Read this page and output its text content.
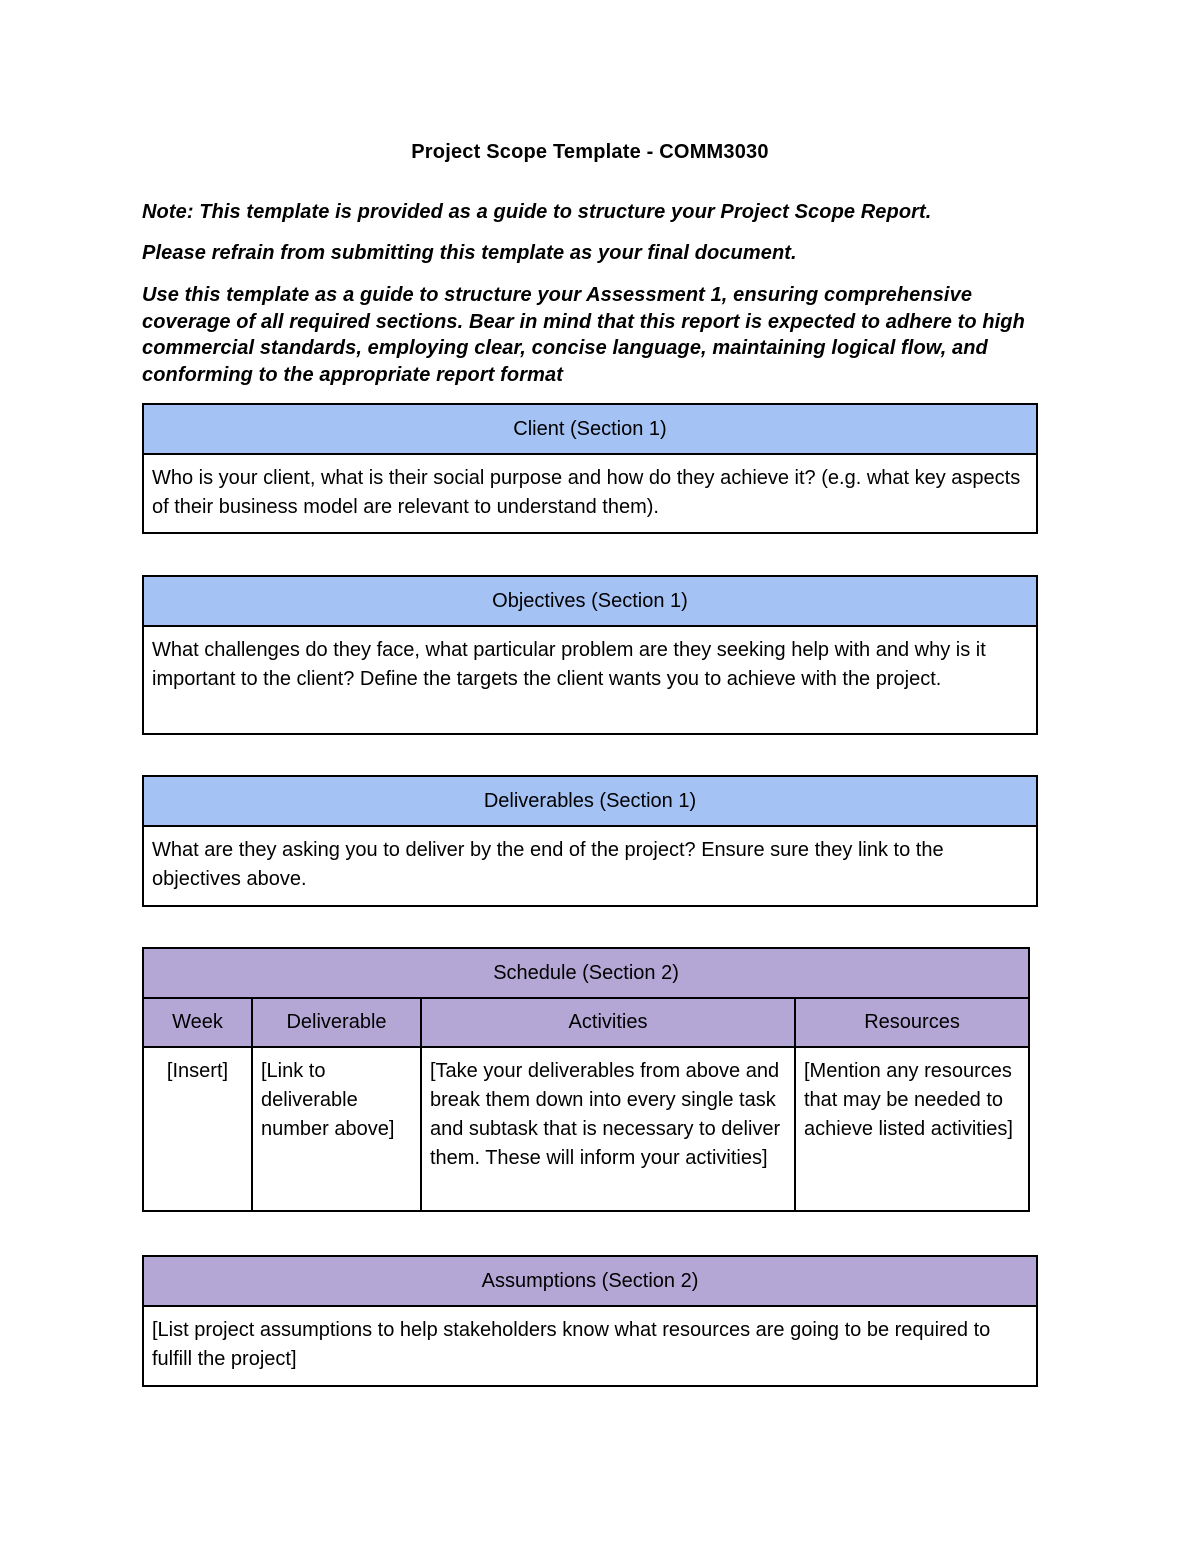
Project Scope Template - COMM3030
Note: This template is provided as a guide to structure your Project Scope Report.
Please refrain from submitting this template as your final document.
Use this template as a guide to structure your Assessment 1, ensuring comprehensive coverage of all required sections. Bear in mind that this report is expected to adhere to high commercial standards, employing clear, concise language, maintaining logical flow, and conforming to the appropriate report format
Client (Section 1)
Who is your client, what is their social purpose and how do they achieve it? (e.g. what key aspects of their business model are relevant to understand them).
Objectives (Section 1)
What challenges do they face, what particular problem are they seeking help with and why is it important to the client? Define the targets the client wants you to achieve with the project.
Deliverables (Section 1)
What are they asking you to deliver by the end of the project? Ensure sure they link to the objectives above.
Schedule (Section 2)			
Week	Deliverable	Activities	Resources
[Insert]	[Link to deliverable number above]	[Take your deliverables from above and break them down into every single task and subtask that is necessary to deliver them. These will inform your activities]	[Mention any resources that may be needed to achieve listed activities]
Assumptions (Section 2)
[List project assumptions to help stakeholders know what resources are going to be required to fulfill the project]
